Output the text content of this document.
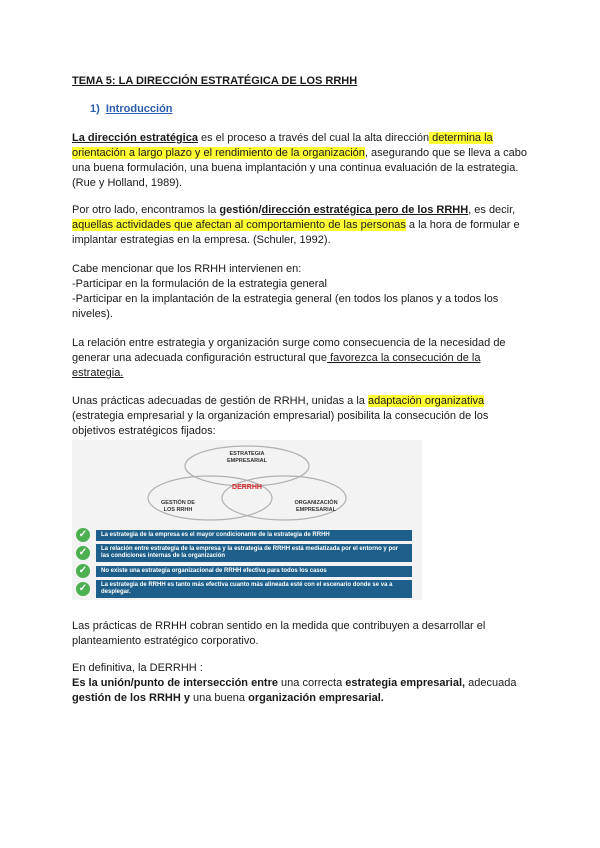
TEMA 5: LA DIRECCIÓN ESTRATÉGICA DE LOS RRHH
1) Introducción
La dirección estratégica es el proceso a través del cual la alta dirección determina la orientación a largo plazo y el rendimiento de la organización, asegurando que se lleva a cabo una buena formulación, una buena implantación y una continua evaluación de la estrategia. (Rue y Holland, 1989).
Por otro lado, encontramos la gestión/dirección estratégica pero de los RRHH, es decir, aquellas actividades que afectan al comportamiento de las personas a la hora de formular e implantar estrategias en la empresa. (Schuler, 1992).
Cabe mencionar que los RRHH intervienen en:
-Participar en la formulación de la estrategia general
-Participar en la implantación de la estrategia general (en todos los planos y a todos los niveles).
La relación entre estrategia y organización surge como consecuencia de la necesidad de generar una adecuada configuración estructural que favorezca la consecución de la estrategia.
Unas prácticas adecuadas de gestión de RRHH, unidas a la adaptación organizativa (estrategia empresarial y la organización empresarial) posibilita la consecución de los objetivos estratégicos fijados:
ESTRATEGIA
EMPRESARIAL
GESTIÓN DE
LOS RRHH
ORGANIZACIÓN
EMPRESARIAL
DERRHH
✓	La estrategia de la empresa es el mayor condicionante de la estrategia de RRHH
✓	La relación entre estrategia de la empresa y la estrategia de RRHH está mediatizada por el entorno y por las condiciones internas de la organización
✓	No existe una estrategia organizacional de RRHH efectiva para todos los casos
✓	La estrategia de RRHH es tanto más efectiva cuanto más alineada esté con el escenario donde se va a desplegar.
Las prácticas de RRHH cobran sentido en la medida que contribuyen a desarrollar el planteamiento estratégico corporativo.
En definitiva, la DERRHH :
Es la unión/punto de intersección entre una correcta estrategia empresarial, adecuada gestión de los RRHH y una buena organización empresarial.
